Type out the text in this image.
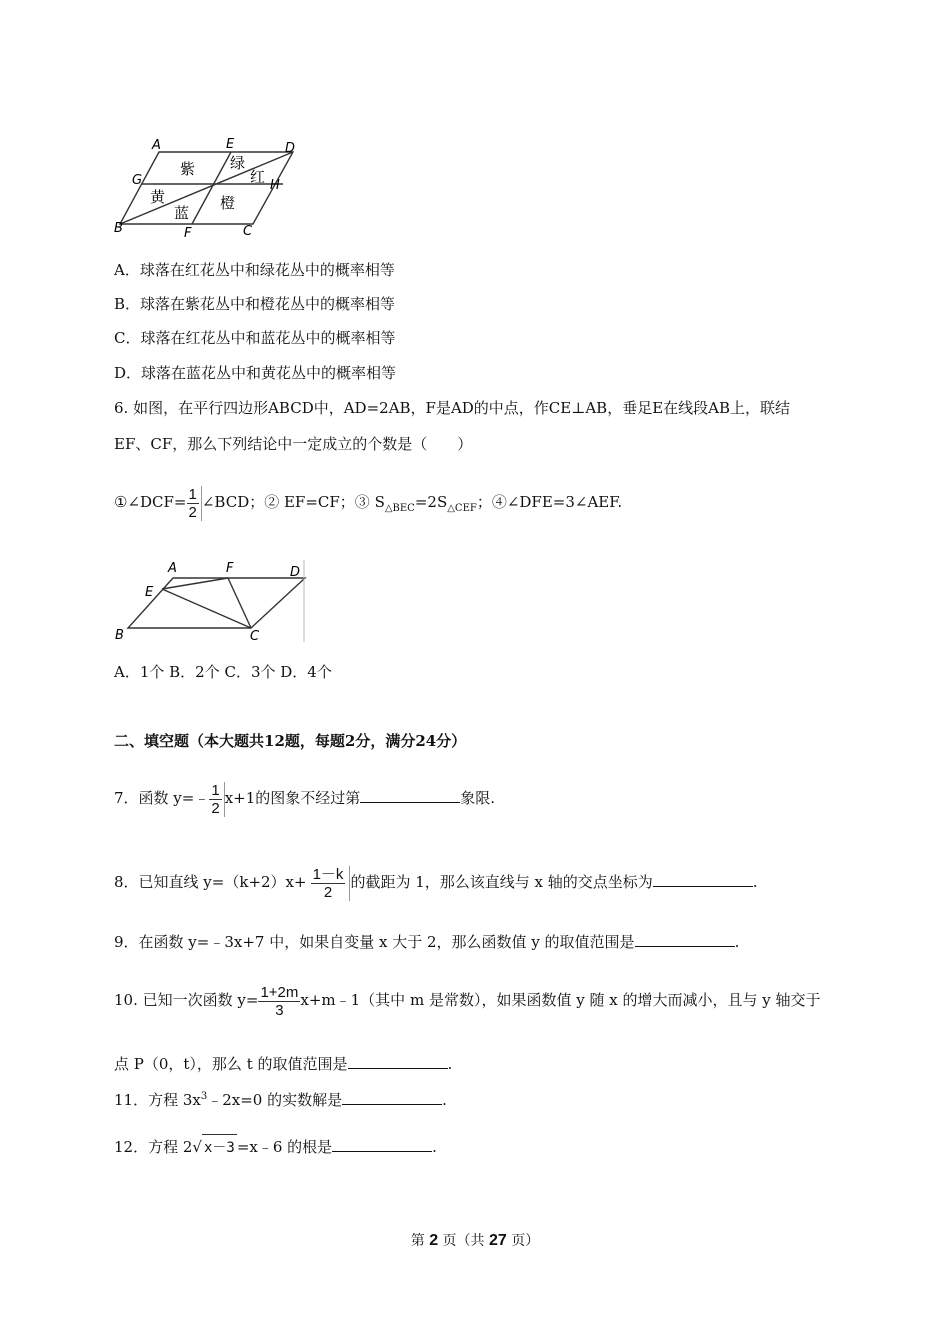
A	E	D
G	H
B	F	C
紫 绿
红
黄
蓝
橙
A．球落在红花丛中和绿花丛中的概率相等
B．球落在紫花丛中和橙花丛中的概率相等
C．球落在红花丛中和蓝花丛中的概率相等
D．球落在蓝花丛中和黄花丛中的概率相等
6. 如图，在平行四边形ABCD中，AD=2AB，F是AD的中点，作CE⊥AB，垂足E在线段AB上，联结
EF、CF，那么下列结论中一定成立的个数是（　　）
①∠DCF= $\frac{1}{2}$ ∠BCD；② EF=CF；③ $S_{\triangle BEC}=2S_{\triangle CEF}$；④∠DFE=3∠AEF.
A	F	D
E
B	C
A．1个 B．2个 C．3个 D．4个
二、填空题（本大题共12题，每题2分，满分24分）
7．函数 y=﹣ $\frac{1}{2} x+1$的图象不经过第	象限.
8．已知直线 $y=(k+2)x+ \frac{1-k}{2}$ 的截距为 1，那么该直线与 x 轴的交点坐标为	.
9．在函数 y=﹣3x+7 中，如果自变量 x 大于 2，那么函数值 y 的取值范围是	.
10. 已知一次函数 $y= \frac{1+2m}{3}$ x+m﹣1（其中 m 是常数），如果函数值 y 随 x 的增大而减小，且与 y 轴交于
点 P（0，t），那么 t 的取值范围是	.
11．方程 $3x^3﹣2x=0$ 的实数解是	.
12．方程 2√ x－3 =x﹣6 的根是	.
第 2 页（共 27 页）
